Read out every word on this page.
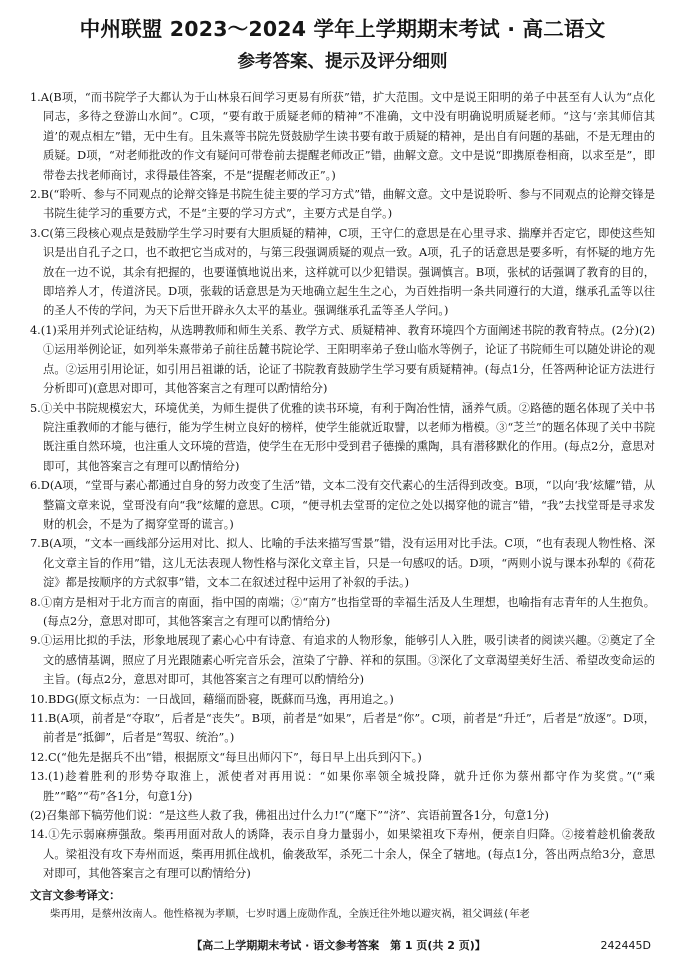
中州联盟 2023～2024 学年上学期期末考试 · 高二语文
参考答案、提示及评分细则

1.A(B项，“而书院学子大都认为于山林泉石间学习更易有所获”错，扩大范围。文中是说王阳明的弟子中甚至有人认为“点化同志，多待之登游山水间”。C项，“要有敢于质疑老师的精神”不准确，文中没有明确说明质疑老师。“这与‘亲其师信其道’的观点相左”错，无中生有。且朱熹等书院先贤鼓励学生读书要有敢于质疑的精神，是出自有问题的基础，不是无理由的质疑。D项，“对老师批改的作文有疑问可带卷前去提醒老师改正”错，曲解文意。文中是说“即携原卷相商，以求至是”，即带卷去找老师商讨，求得最佳答案，不是“提醒老师改正”。)

2.B(“聆听、参与不同观点的论辩交锋是书院生徒主要的学习方式”错，曲解文意。文中是说聆听、参与不同观点的论辩交锋是书院生徒学习的重要方式，不是“主要的学习方式”，主要方式是自学。)

3.C(第三段核心观点是鼓励学生学习时要有大胆质疑的精神，C项，王守仁的意思是在心里寻求、揣摩并否定它，即使这些知识是出自孔子之口，也不敢把它当成对的，与第三段强调质疑的观点一致。A项，孔子的话意思是要多听，有怀疑的地方先放在一边不说，其余有把握的，也要谨慎地说出来，这样就可以少犯错误。强调慎言。B项，张栻的话强调了教育的目的，即培养人才，传道济民。D项，张载的话意思是为天地确立起生生之心，为百姓指明一条共同遵行的大道，继承孔孟等以往的圣人不传的学问，为天下后世开辟永久太平的基业。强调继承孔孟等圣人学问。)

4.(1)采用并列式论证结构，从选聘教师和师生关系、教学方式、质疑精神、教育环境四个方面阐述书院的教育特点。(2分)(2)①运用举例论证，如列举朱熹带弟子前往岳麓书院论学、王阳明率弟子登山临水等例子，论证了书院师生可以随处讲论的观点。②运用引用论证，如引用吕祖谦的话，论证了书院教育鼓励学生学习要有质疑精神。(每点1分，任答两种论证方法进行分析即可)(意思对即可，其他答案言之有理可以酌情给分)

5.①关中书院规模宏大，环境优美，为师生提供了优雅的读书环境，有利于陶冶性情，涵养气质。②路德的题名体现了关中书院注重教师的才能与德行，能为学生树立良好的榜样，使学生能就近取譬，以老师为楷模。③“芝兰”的题名体现了关中书院既注重自然环境，也注重人文环境的营造，使学生在无形中受到君子德操的熏陶，具有潜移默化的作用。(每点2分，意思对即可，其他答案言之有理可以酌情给分)

6.D(A项，“堂哥与素心都通过自身的努力改变了生活”错，文本二没有交代素心的生活得到改变。B项，“以向‘我’炫耀”错，从整篇文章来说，堂哥没有向“我”炫耀的意思。C项，“便寻机去堂哥的定位之处以揭穿他的谎言”错，“我”去找堂哥是寻求发财的机会，不是为了揭穿堂哥的谎言。)

7.B(A项，“文本一画线部分运用对比、拟人、比喻的手法来描写雪景”错，没有运用对比手法。C项，“也有表现人物性格、深化文章主旨的作用”错，这儿无法表现人物性格与深化文章主旨，只是一句感叹的话。D项，“两则小说与课本孙犁的《荷花淀》都是按顺序的方式叙事”错，文本二在叙述过程中运用了补叙的手法。)

8.①南方是相对于北方而言的南面，指中国的南端；②“南方”也指堂哥的幸福生活及人生理想，也喻指有志青年的人生抱负。(每点2分，意思对即可，其他答案言之有理可以酌情给分)

9.①运用比拟的手法，形象地展现了素心心中有诗意、有追求的人物形象，能够引人入胜，吸引读者的阅读兴趣。②奠定了全文的感情基调，照应了月光跟随素心听完音乐会，渲染了宁静、祥和的氛围。③深化了文章渴望美好生活、希望改变命运的主旨。(每点2分，意思对即可，其他答案言之有理可以酌情给分)

10.BDG(原文标点为：一日战回，藉缁而卧寝，既蘇而马逸，再用追之。)

11.B(A项，前者是“夺取”，后者是“丧失”。B项，前者是“如果”，后者是“你”。C项，前者是“升迁”，后者是“放逐”。D项，前者是“抵御”，后者是“驾驭、统治”。)

12.C(“他先是据兵不出”错，根据原文“每旦出师闪下”，每日早上出兵到闪下。)

13.(1)趁着胜利的形势夺取淮上，派使者对再用说：“如果你率领全城投降，就升迁你为蔡州都守作为奖赏。”(“乘胜”“略”“苟”各1分，句意1分)
(2)召集部下犒劳他们说：“是这些人救了我，佛祖出过什么力!”(“麾下”“济”、宾语前置各1分，句意1分)

14.①先示弱麻痹强敌。柴再用面对敌人的诱降，表示自身力量弱小，如果梁祖攻下寿州，便亲自归降。②接着趁机偷袭敌人。梁祖没有攻下寿州而返，柴再用抓住战机，偷袭敌军，杀死二十余人，保全了辖地。(每点1分，答出两点给3分，意思对即可，其他答案言之有理可以酌情给分)

文言文参考译文：

柴再用，是蔡州汝南人。他性格视为孝顺，七岁时遇上庞勋作乱，全族迁往外地以避灾祸，祖父调兹(年老

【高二上学期期末考试 · 语文参考答案　第 1 页(共 2 页)】	242445D
